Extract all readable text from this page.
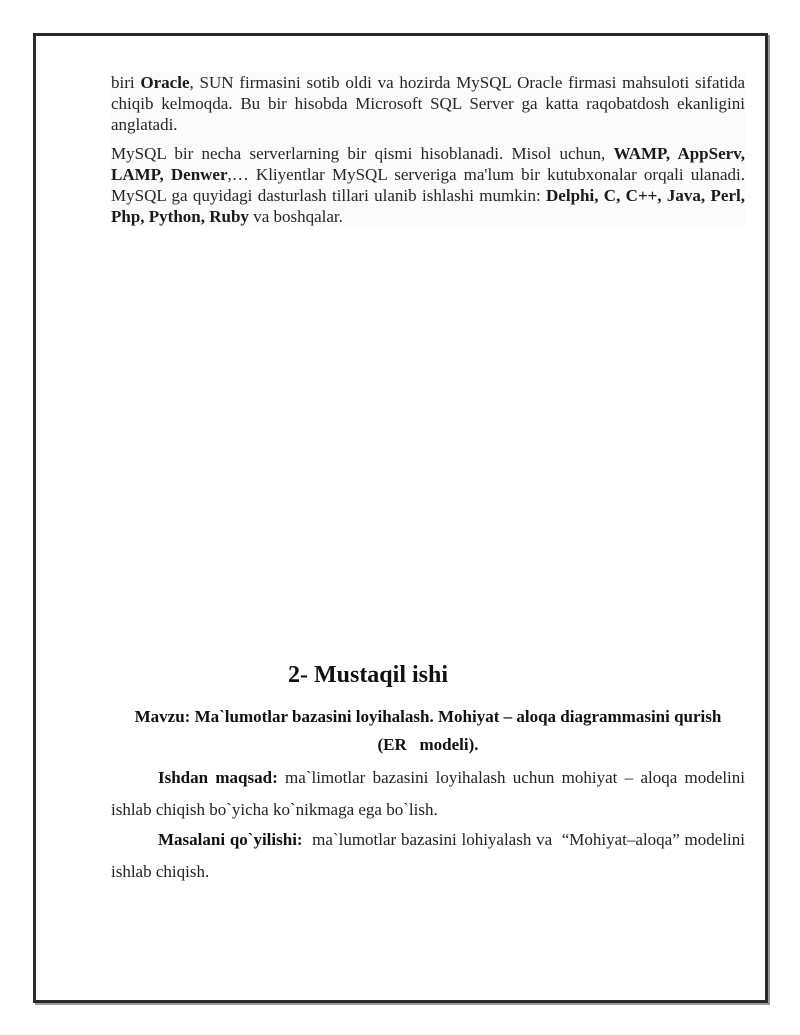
biri Oracle, SUN firmasini sotib oldi va hozirda MySQL Oracle firmasi mahsuloti sifatida chiqib kelmoqda. Bu bir hisobda Microsoft SQL Server ga katta raqobatdosh ekanligini anglatadi.

MySQL bir necha serverlarning bir qismi hisoblanadi. Misol uchun, WAMP, AppServ, LAMP, Denwer,… Kliyentlar MySQL serveriga ma'lum bir kutubxonalar orqali ulanadi. MySQL ga quyidagi dasturlash tillari ulanib ishlashi mumkin: Delphi, C, C++, Java, Perl, Php, Python, Ruby va boshqalar.

2- Mustaqil ishi
Mavzu: Ma`lumotlar bazasini loyihalash. Mohiyat – aloqa diagrammasini qurish
(ER   modeli).
Ishdan maqsad: ma`limotlar bazasini loyihalash uchun mohiyat – aloqa modelini ishlab chiqish bo`yicha ko`nikmaga ega bo`lish.
Masalani qo`yilishi:  ma`lumotlar bazasini lohiyalash va  “Mohiyat–aloqa” modelini ishlab chiqish.
